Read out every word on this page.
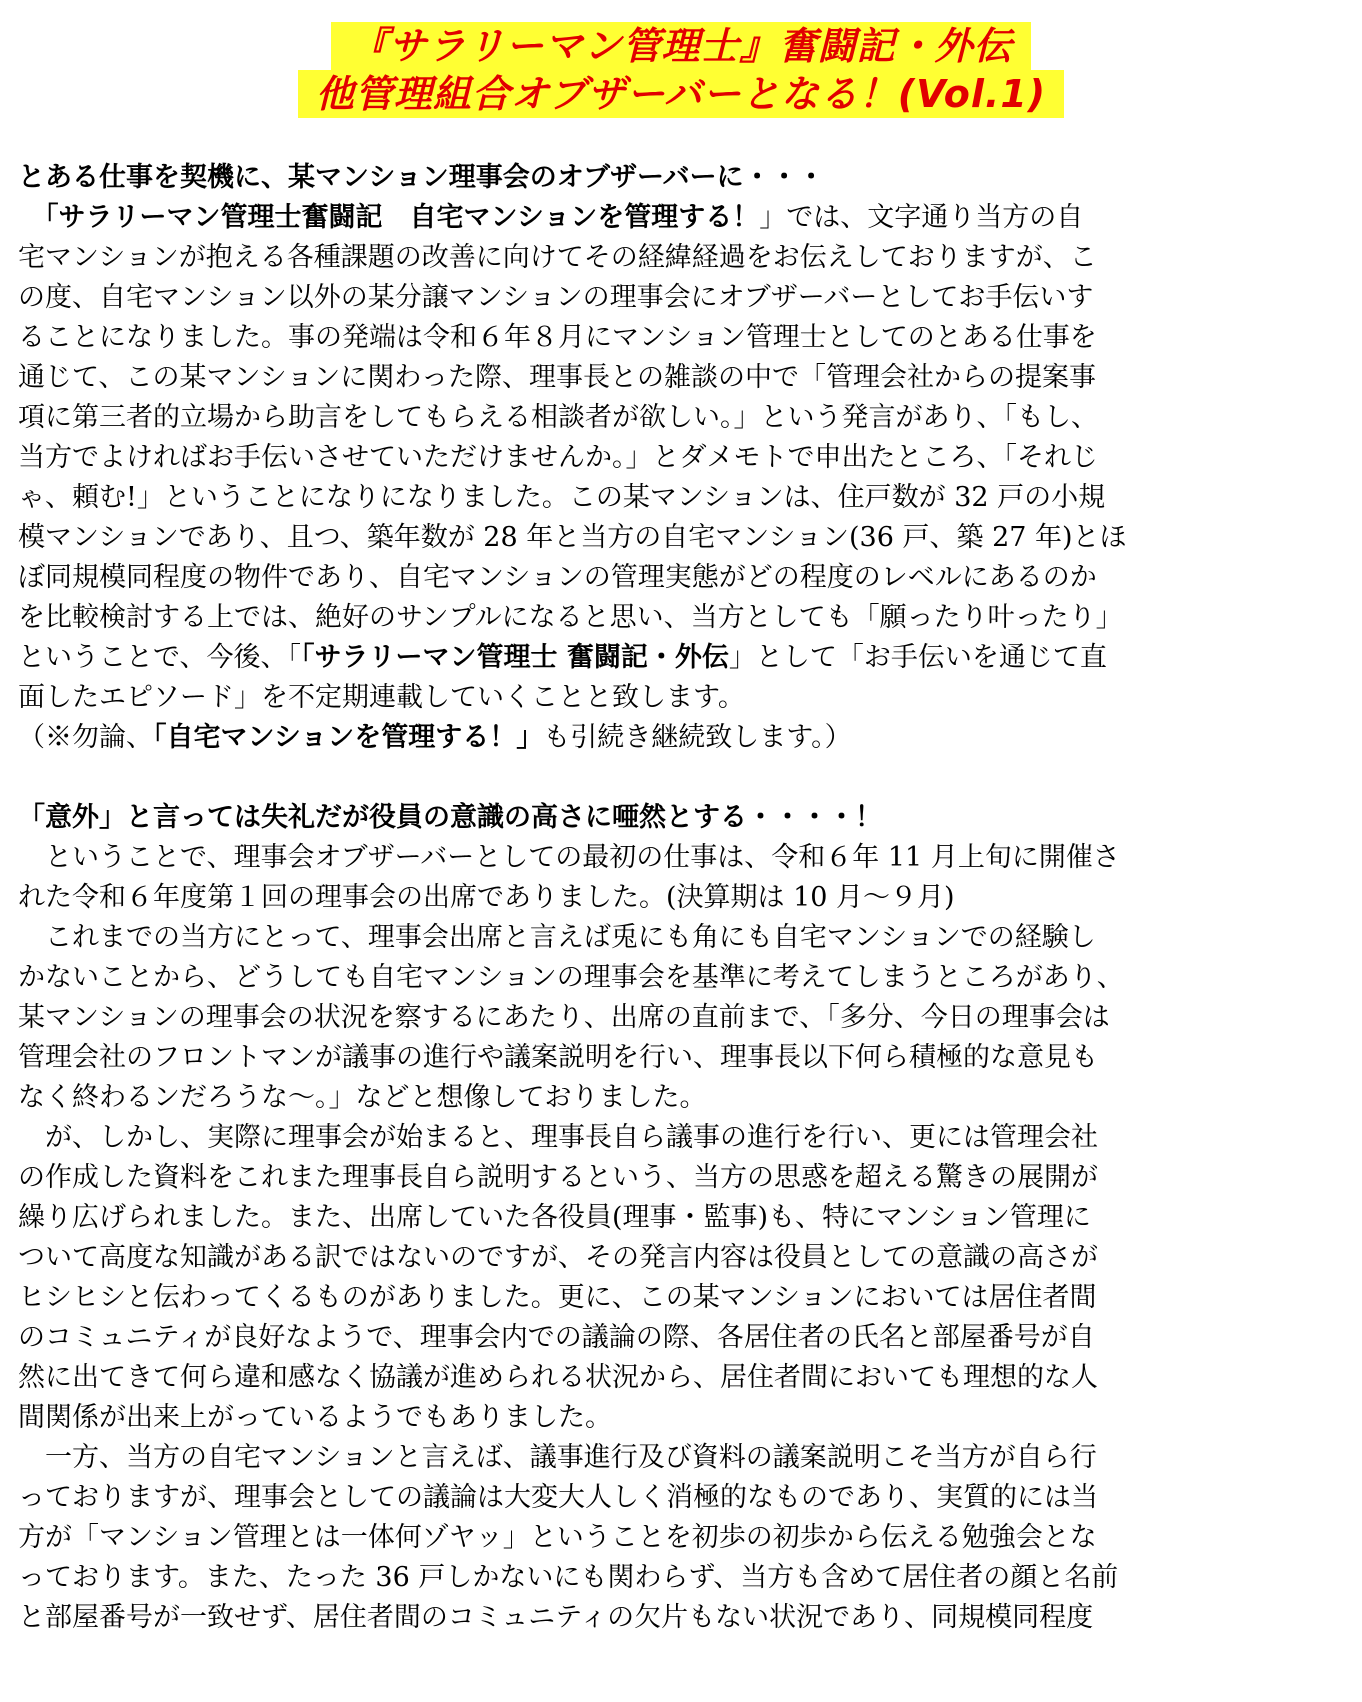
『サラリーマン管理士』奮闘記・外伝
他管理組合オブザーバーとなる！(Vol.1)
とある仕事を契機に、某マンション理事会のオブザーバーに・・・
　「サラリーマン管理士奮闘記　自宅マンションを管理する！」では、文字通り当方の自
宅マンションが抱える各種課題の改善に向けてその経緯経過をお伝えしておりますが、こ
の度、自宅マンション以外の某分譲マンションの理事会にオブザーバーとしてお手伝いす
ることになりました。事の発端は令和６年８月にマンション管理士としてのとある仕事を
通じて、この某マンションに関わった際、理事長との雑談の中で「管理会社からの提案事
項に第三者的立場から助言をしてもらえる相談者が欲しい。」という発言があり、「もし、
当方でよければお手伝いさせていただけませんか。」とダメモトで申出たところ、「それじ
ゃ、頼む!」ということになりになりました。この某マンションは、住戸数が 32 戸の小規
模マンションであり、且つ、築年数が 28 年と当方の自宅マンション(36 戸、築 27 年)とほ
ぼ同規模同程度の物件であり、自宅マンションの管理実態がどの程度のレベルにあるのか
を比較検討する上では、絶好のサンプルになると思い、当方としても「願ったり叶ったり」
ということで、今後、「「サラリーマン管理士 奮闘記・外伝」として「お手伝いを通じて直
面したエピソード」を不定期連載していくことと致します。
（※勿論、「自宅マンションを管理する！」も引続き継続致します。）
「意外」と言っては失礼だが役員の意識の高さに唖然とする・・・・！
　ということで、理事会オブザーバーとしての最初の仕事は、令和６年 11 月上旬に開催さ
れた令和６年度第１回の理事会の出席でありました。(決算期は 10 月～９月)
　これまでの当方にとって、理事会出席と言えば兎にも角にも自宅マンションでの経験し
かないことから、どうしても自宅マンションの理事会を基準に考えてしまうところがあり、
某マンションの理事会の状況を察するにあたり、出席の直前まで、「多分、今日の理事会は
管理会社のフロントマンが議事の進行や議案説明を行い、理事長以下何ら積極的な意見も
なく終わるンだろうな～。」などと想像しておりました。
　が、しかし、実際に理事会が始まると、理事長自ら議事の進行を行い、更には管理会社
の作成した資料をこれまた理事長自ら説明するという、当方の思惑を超える驚きの展開が
繰り広げられました。また、出席していた各役員(理事・監事)も、特にマンション管理に
ついて高度な知識がある訳ではないのですが、その発言内容は役員としての意識の高さが
ヒシヒシと伝わってくるものがありました。更に、この某マンションにおいては居住者間
のコミュニティが良好なようで、理事会内での議論の際、各居住者の氏名と部屋番号が自
然に出てきて何ら違和感なく協議が進められる状況から、居住者間においても理想的な人
間関係が出来上がっているようでもありました。
　一方、当方の自宅マンションと言えば、議事進行及び資料の議案説明こそ当方が自ら行
っておりますが、理事会としての議論は大変大人しく消極的なものであり、実質的には当
方が「マンション管理とは一体何ゾヤッ」ということを初歩の初歩から伝える勉強会とな
っております。また、たった 36 戸しかないにも関わらず、当方も含めて居住者の顔と名前
と部屋番号が一致せず、居住者間のコミュニティの欠片もない状況であり、同規模同程度
